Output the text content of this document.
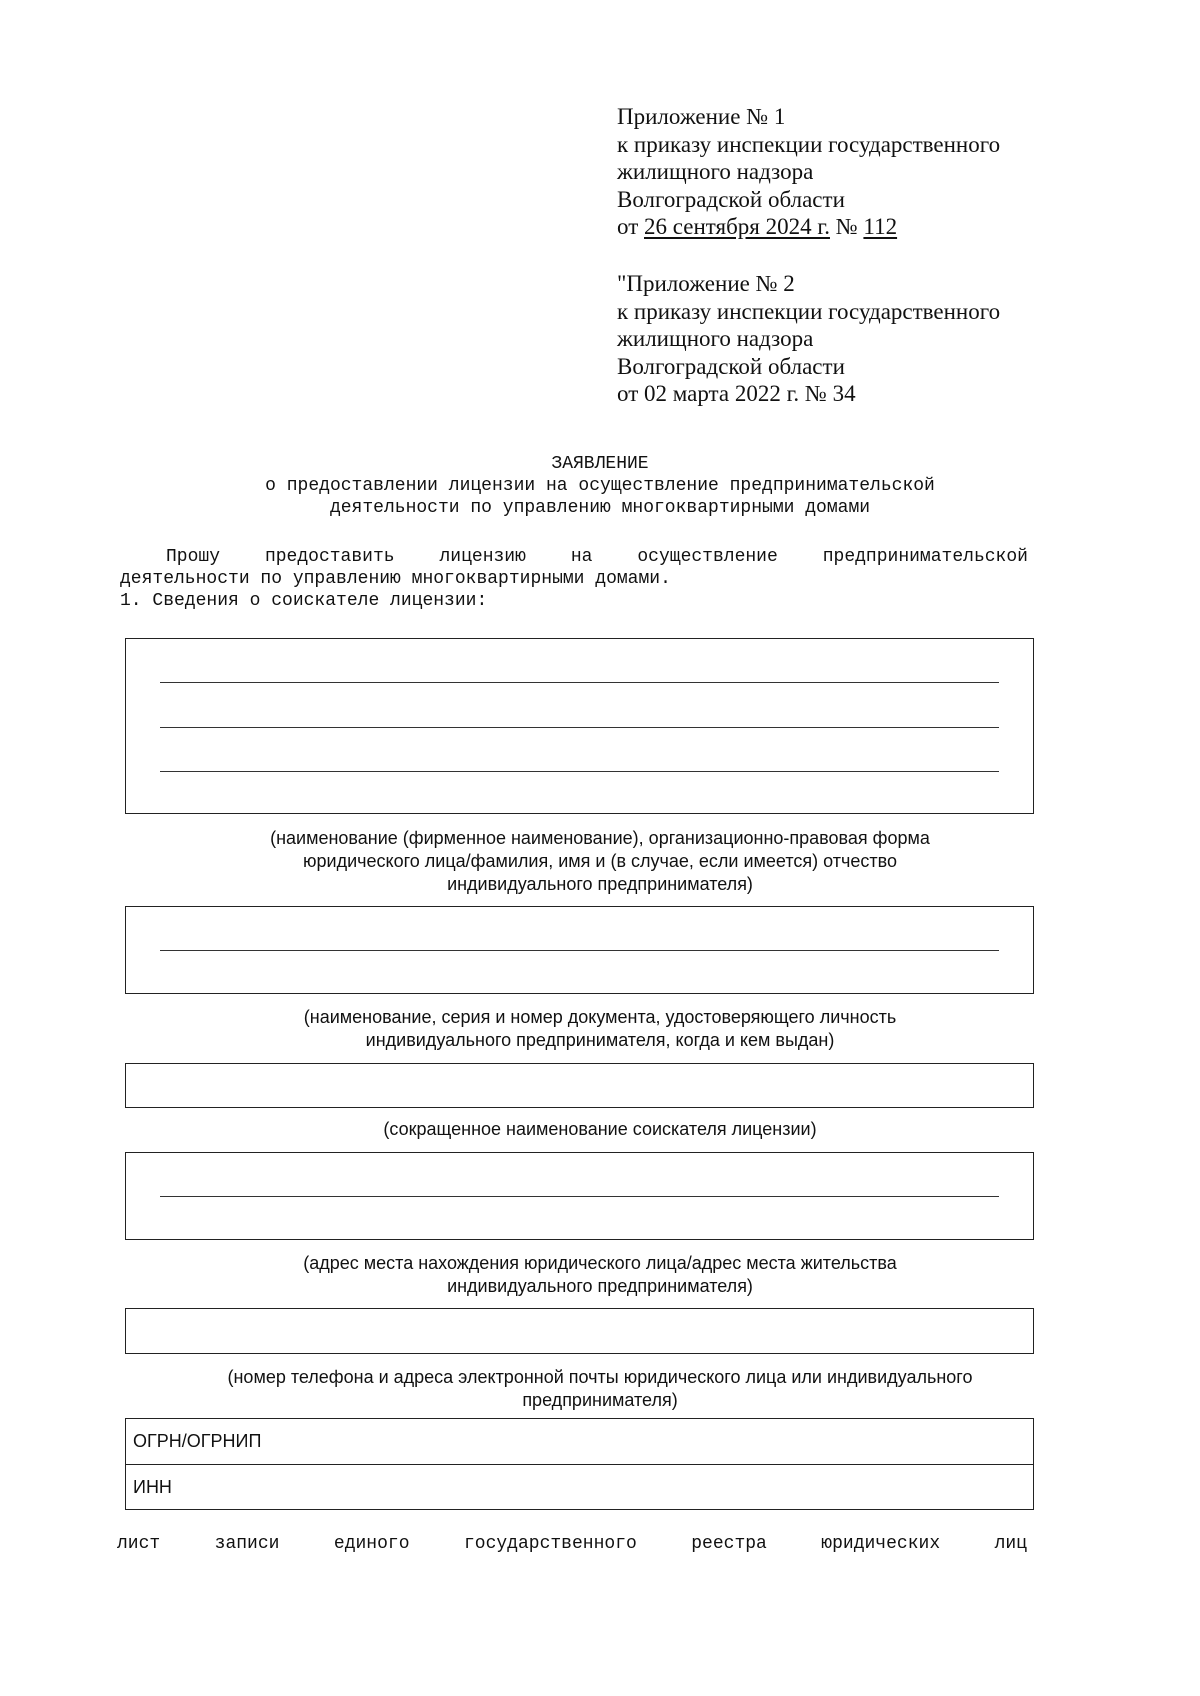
Приложение № 1
к приказу инспекции государственного
жилищного надзора
Волгоградской области
от 26 сентября 2024 г. № 112
"Приложение № 2
к приказу инспекции государственного
жилищного надзора
Волгоградской области
от 02 марта 2022 г. № 34
ЗАЯВЛЕНИЕ
о предоставлении лицензии на осуществление предпринимательской
деятельности по управлению многоквартирными домами
Прошу предоставить лицензию на осуществление предпринимательской
деятельности по управлению многоквартирными домами.
1. Сведения о соискателе лицензии:
(наименование (фирменное наименование), организационно-правовая форма
юридического лица/фамилия, имя и (в случае, если имеется) отчество
индивидуального предпринимателя)
(наименование, серия и номер документа, удостоверяющего личность
индивидуального предпринимателя, когда и кем выдан)
(сокращенное наименование соискателя лицензии)
(адрес места нахождения юридического лица/адрес места жительства
индивидуального предпринимателя)
(номер телефона и адреса электронной почты юридического лица или индивидуального
предпринимателя)
ОГРН/ОГРНИП
ИНН
лист	записи	единого	государственного	реестра	юридических	лиц
